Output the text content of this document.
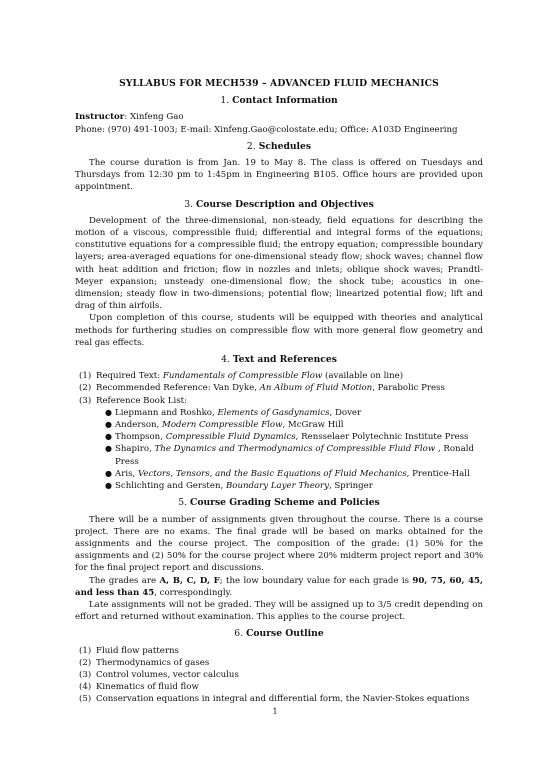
SYLLABUS FOR MECH539 – ADVANCED FLUID MECHANICS
1. Contact Information

Instructor: Xinfeng Gao

Phone: (970) 491-1003; E-mail: Xinfeng.Gao@colostate.edu; Office: A103D Engineering

2. Schedules

The course duration is from Jan. 19 to May 8. The class is offered on Tuesdays and Thursdays from 12:30 pm to 1:45pm in Engineering B105. Office hours are provided upon appointment.

3. Course Description and Objectives

Development of the three-dimensional, non-steady, field equations for describing the motion of a viscous, compressible fluid; differential and integral forms of the equations; constitutive equations for a compressible fluid; the entropy equation; compressible boundary layers; area-averaged equations for one-dimensional steady flow; shock waves; channel flow with heat addition and friction; flow in nozzles and inlets; oblique shock waves; Prandtl-Meyer expansion; unsteady one-dimensional flow; the shock tube; acoustics in one-dimension; steady flow in two-dimensions; potential flow; linearized potential flow; lift and drag of thin airfoils.

Upon completion of this course, students will be equipped with theories and analytical methods for furthering studies on compressible flow with more general flow geometry and real gas effects.

4. Text and References
(1) Required Text: Fundamentals of Compressible Flow (available on line)
(2) Recommended Reference: Van Dyke, An Album of Fluid Motion, Parabolic Press
(3) Reference Book List:
● Liepmann and Roshko, Elements of Gasdynamics, Dover
● Anderson, Modern Compressible Flow, McGraw Hill
● Thompson, Compressible Fluid Dynamics, Rensselaer Polytechnic Institute Press
● Shapiro, The Dynamics and Thermodynamics of Compressible Fluid Flow , Ronald Press
● Aris, Vectors, Tensors, and the Basic Equations of Fluid Mechanics, Prentice-Hall
● Schlichting and Gersten, Boundary Layer Theory, Springer
5. Course Grading Scheme and Policies

There will be a number of assignments given throughout the course. There is a course project. There are no exams. The final grade will be based on marks obtained for the assignments and the course project. The composition of the grade: (1) 50% for the assignments and (2) 50% for the course project where 20% midterm project report and 30% for the final project report and discussions.

The grades are A, B, C, D, F; the low boundary value for each grade is 90, 75, 60, 45, and less than 45, correspondingly.

Late assignments will not be graded. They will be assigned up to 3/5 credit depending on effort and returned without examination. This applies to the course project.

6. Course Outline
(1) Fluid flow patterns
(2) Thermodynamics of gases
(3) Control volumes, vector calculus
(4) Kinematics of fluid flow
(5) Conservation equations in integral and differential form, the Navier-Stokes equations
1
